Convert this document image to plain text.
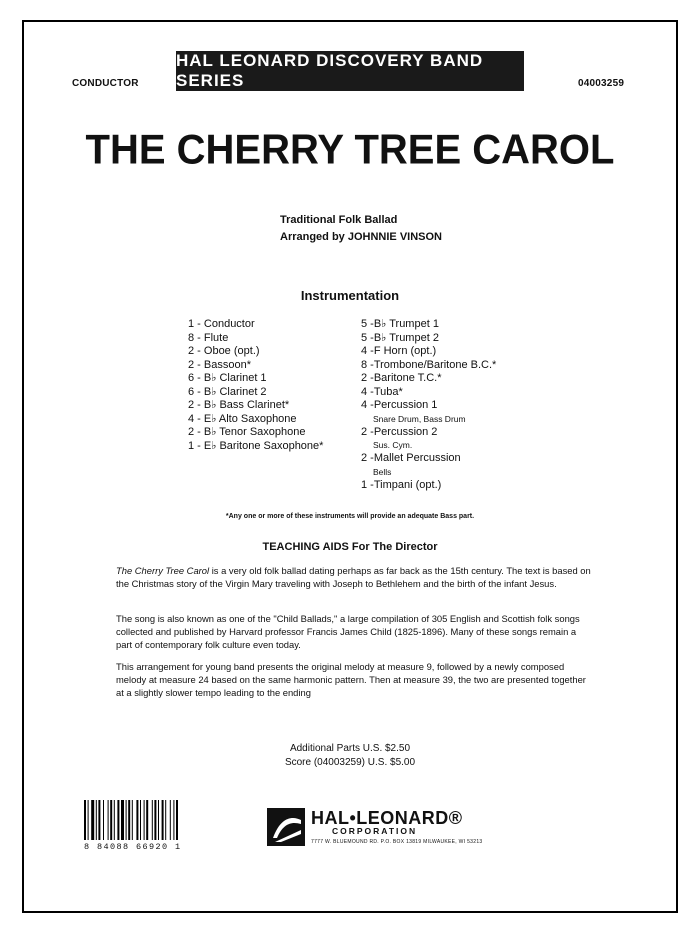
CONDUCTOR
HAL LEONARD DISCOVERY BAND SERIES	04003259
THE CHERRY TREE CAROL
Traditional Folk Ballad
Arranged by JOHNNIE VINSON
Instrumentation
1 - Conductor
8 - Flute
2 - Oboe (opt.)
2 - Bassoon*
6 - B♭ Clarinet 1
6 - B♭ Clarinet 2
2 - B♭ Bass Clarinet*
4 - E♭ Alto Saxophone
2 - B♭ Tenor Saxophone
1 - E♭ Baritone Saxophone*
5 -B♭ Trumpet 1
5 -B♭ Trumpet 2
4 -F Horn (opt.)
8 -Trombone/Baritone B.C.*
2 -Baritone T.C.*
4 -Tuba*
4 -Percussion 1
Snare Drum, Bass Drum
2 -Percussion 2
Sus. Cym.
2 -Mallet Percussion
Bells
1 -Timpani (opt.)
*Any one or more of these instruments will provide an adequate Bass part.
TEACHING AIDS For The Director
The Cherry Tree Carol is a very old folk ballad dating perhaps as far back as the 15th century. The text is based on the Christmas story of the Virgin Mary traveling with Joseph to Bethlehem and the birth of the infant Jesus.
The song is also known as one of the "Child Ballads," a large compilation of 305 English and Scottish folk songs collected and published by Harvard professor Francis James Child (1825-1896). Many of these songs remain a part of contemporary folk culture even today.
This arrangement for young band presents the original melody at measure 9, followed by a newly composed melody at measure 24 based on the same harmonic pattern. Then at measure 39, the two are presented together at a slightly slower tempo leading to the ending
Additional Parts U.S. $2.50
Score (04003259) U.S. $5.00
8 84088 66920 1
HAL•LEONARD®
CORPORATION
7777 W. BLUEMOUND RD. P.O. BOX 13819 MILWAUKEE, WI 53213
